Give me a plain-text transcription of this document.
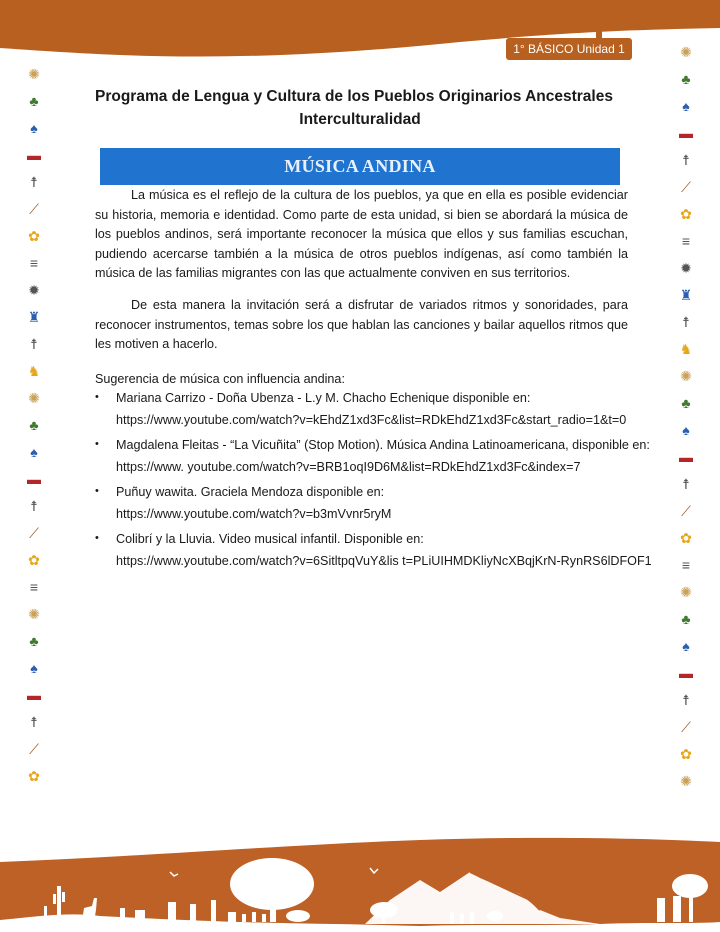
1° BÁSICO Unidad 1
✺
♣
♠
▬
☨
⟋
✿
≡
✹
♜
☨
♞
✺
♣
♠
▬
☨
⟋
✿
≡
✺
♣
♠
▬
☨
⟋
✿
✺
♣
♠
▬
☨
⟋
✿
≡
✹
♜
☨
♞
✺
♣
♠
▬
☨
⟋
✿
≡
✺
♣
♠
▬
☨
⟋
✿
✺
Programa de Lengua y Cultura de los Pueblos Originarios Ancestrales
Interculturalidad
MÚSICA ANDINA
La música es el reflejo de la cultura de los pueblos, ya que en ella es posible evidenciar su historia, memoria e identidad. Como parte de esta unidad, si bien se abordará la música de los pueblos andinos, será importante reconocer la música que ellos y sus familias escuchan, pudiendo acercarse también a la música de otros pueblos indígenas, así como también la música de las familias migrantes con las que actualmente conviven en sus territorios.
De esta manera la invitación será a disfrutar de variados ritmos y sonoridades, para reconocer instrumentos, temas sobre los que hablan las canciones y bailar aquellos ritmos que les motiven a hacerlo.
Sugerencia de música con influencia andina:
• Mariana Carrizo - Doña Ubenza - L.y M. Chacho Echenique disponible en:
https://www.youtube.com/watch?v=kEhdZ1xd3Fc&list=RDkEhdZ1xd3Fc&start_radio=1&t=0
• Magdalena Fleitas - “La Vicuñita” (Stop Motion). Música Andina Latinoamericana, disponible en:
https://www. youtube.com/watch?v=BRB1oqI9D6M&list=RDkEhdZ1xd3Fc&index=7
• Puñuy wawita. Graciela Mendoza disponible en:
https://www.youtube.com/watch?v=b3mVvnr5ryM
• Colibrí y la Lluvia. Video musical infantil. Disponible en:
https://www.youtube.com/watch?v=6SitltpqVuY&lis t=PLiUIHMDKliyNcXBqjKrN-RynRS6lDFOF1
